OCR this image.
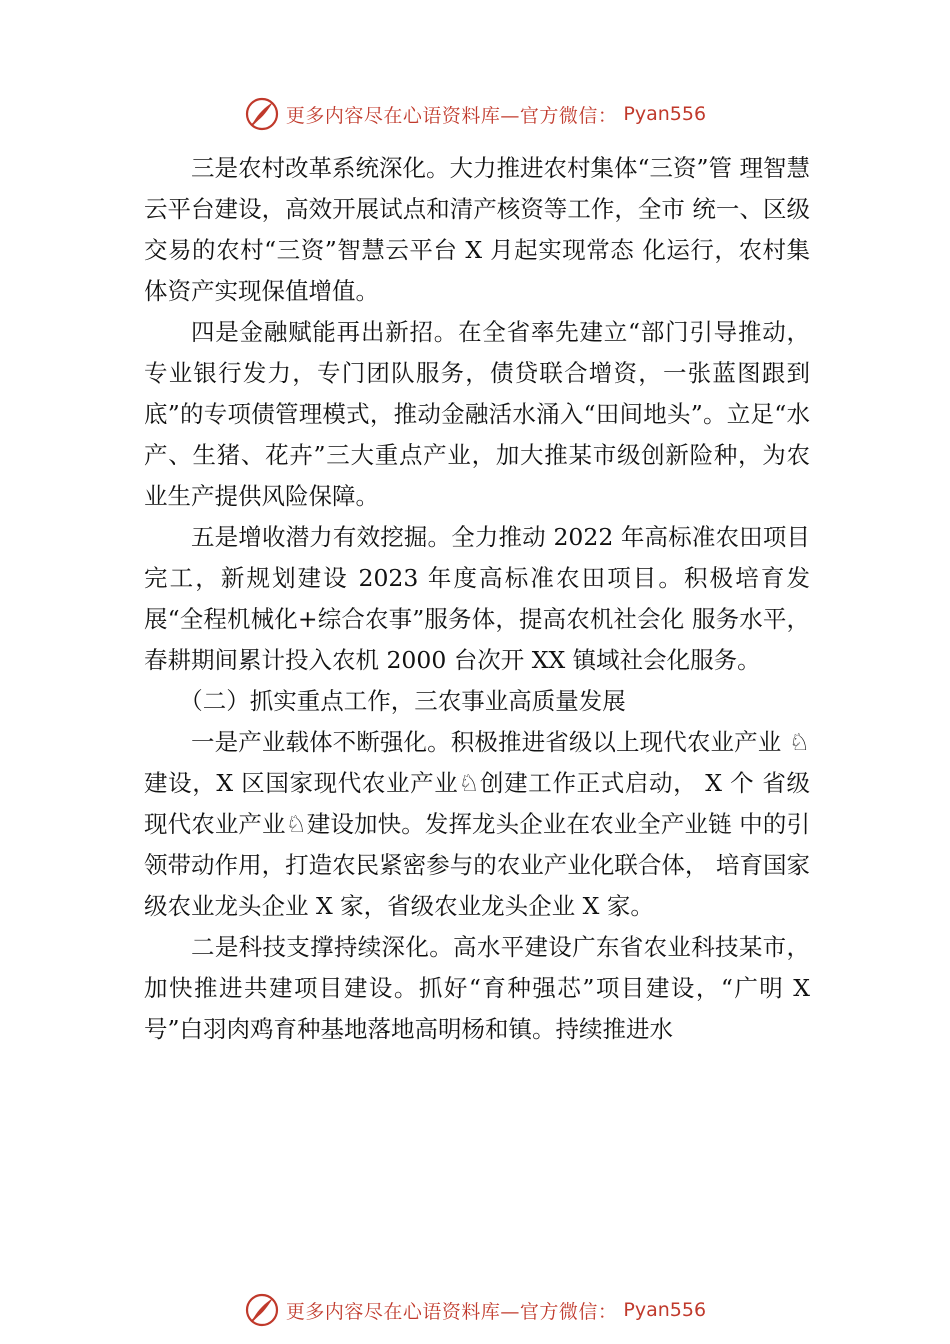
更多内容尽在心语资料库—官方微信： Pyan556

三是农村改革系统深化。大力推进农村集体“三资”管 理智慧云平台建设，高效开展试点和清产核资等工作，全市 统一、区级交易的农村“三资”智慧云平台 X 月起实现常态 化运行，农村集体资产实现保值增值。

四是金融赋能再出新招。在全省率先建立“部门引导推动，专业银行发力，专门团队服务，债贷联合增资，一张蓝图跟到底”的专项债管理模式，推动金融活水涌入“田间地头”。立足“水产、生猪、花卉”三大重点产业，加大推某市级创新险种，为农业生产提供风险保障。

五是增收潜力有效挖掘。全力推动 2022 年高标准农田项目完工，新规划建设 2023 年度高标准农田项目。积极培育发展“全程机械化+综合农事”服务体，提高农机社会化 服务水平，春耕期间累计投入农机 2000 台次开 XX 镇域社会化服务。

（二）抓实重点工作，三农事业高质量发展

一是产业载体不断强化。积极推进省级以上现代农业产业 ♘建设，X 区国家现代农业产业♘创建工作正式启动， X 个 省级现代农业产业♘建设加快。发挥龙头企业在农业全产业链 中的引领带动作用，打造农民紧密参与的农业产业化联合体， 培育国家级农业龙头企业 X 家，省级农业龙头企业 X 家。

二是科技支撑持续深化。高水平建设广东省农业科技某市，加快推进共建项目建设。抓好“育种强芯”项目建设，“广明 X 号”白羽肉鸡育种基地落地高明杨和镇。持续推进水

更多内容尽在心语资料库—官方微信： Pyan556
